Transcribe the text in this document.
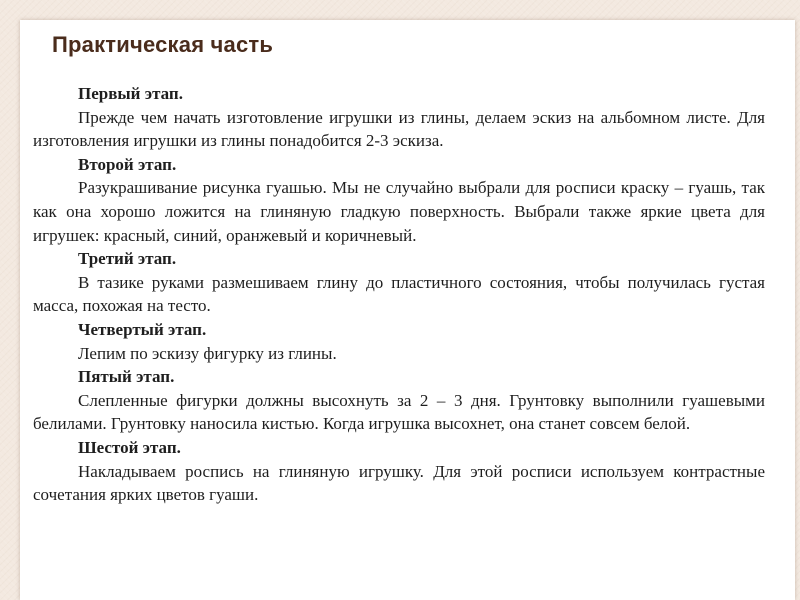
Практическая часть

Первый этап.

Прежде чем начать изготовление игрушки из глины, делаем эскиз на альбомном листе. Для изготовления игрушки из глины понадобится 2-3 эскиза.

Второй этап.

Разукрашивание рисунка гуашью. Мы не случайно выбрали для росписи краску – гуашь, так как она хорошо ложится на глиняную гладкую поверхность. Выбрали также яркие цвета для игрушек: красный, синий, оранжевый и коричневый.

Третий этап.

В тазике руками размешиваем глину до пластичного состояния, чтобы получилась густая масса, похожая на тесто.

Четвертый этап.

Лепим по эскизу фигурку из глины.

Пятый этап.

Слепленные фигурки должны высохнуть за 2 – 3 дня. Грунтовку выполнили гуашевыми белилами. Грунтовку наносила кистью. Когда игрушка высохнет, она станет совсем белой.

Шестой этап.

Накладываем роспись на глиняную игрушку. Для этой росписи используем контрастные сочетания ярких цветов гуаши.
